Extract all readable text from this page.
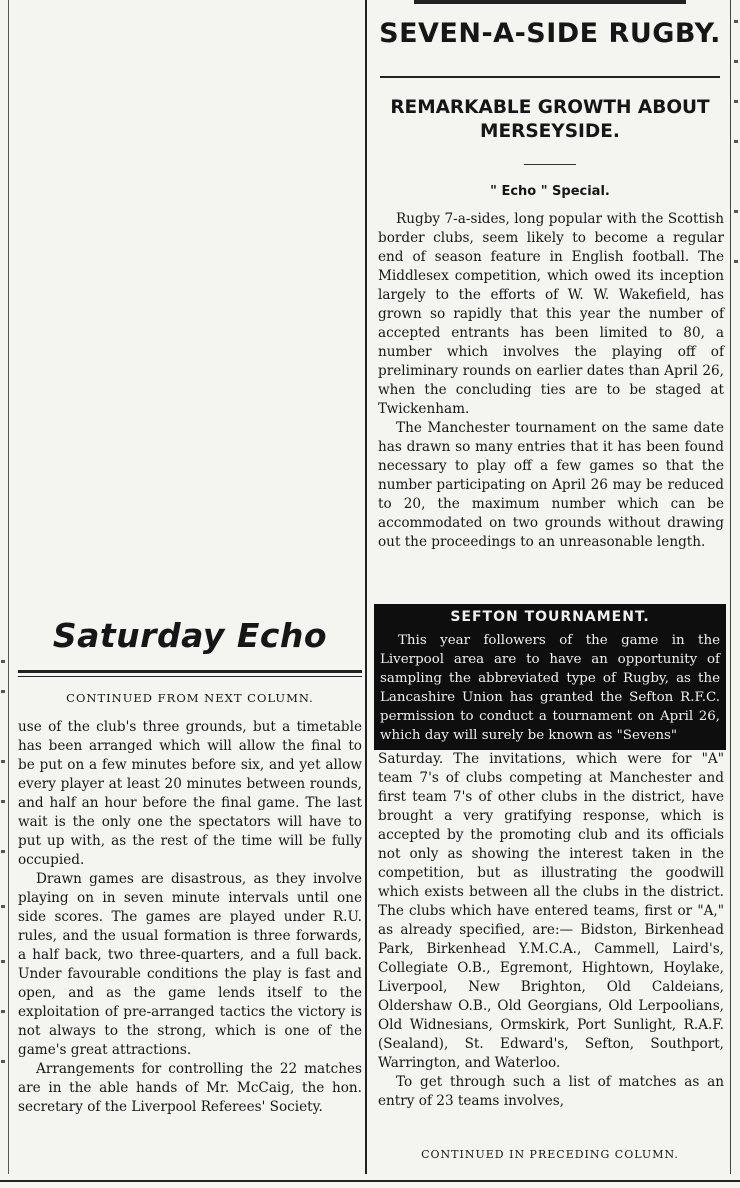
Saturday Echo
CONTINUED FROM NEXT COLUMN.

use of the club's three grounds, but a timetable has been arranged which will allow the final to be put on a few minutes before six, and yet allow every player at least 20 minutes between rounds, and half an hour before the final game. The last wait is the only one the spectators will have to put up with, as the rest of the time will be fully occupied.

Drawn games are disastrous, as they involve playing on in seven minute intervals until one side scores. The games are played under R.U. rules, and the usual formation is three forwards, a half back, two three-quarters, and a full back. Under favourable conditions the play is fast and open, and as the game lends itself to the exploitation of pre-arranged tactics the victory is not always to the strong, which is one of the game's great attractions.

Arrangements for controlling the 22 matches are in the able hands of Mr. McCaig, the hon. secretary of the Liverpool Referees' Society.

SEVEN-A-SIDE RUGBY.
REMARKABLE GROWTH ABOUT MERSEYSIDE.
" Echo " Special.

Rugby 7-a-sides, long popular with the Scottish border clubs, seem likely to become a regular end of season feature in English football. The Middlesex competition, which owed its inception largely to the efforts of W. W. Wakefield, has grown so rapidly that this year the number of accepted entrants has been limited to 80, a number which involves the playing off of preliminary rounds on earlier dates than April 26, when the concluding ties are to be staged at Twickenham.

The Manchester tournament on the same date has drawn so many entries that it has been found necessary to play off a few games so that the number participating on April 26 may be reduced to 20, the maximum number which can be accommodated on two grounds without drawing out the proceedings to an unreasonable length.

SEFTON TOURNAMENT.

This year followers of the game in the Liverpool area are to have an opportunity of sampling the abbreviated type of Rugby, as the Lancashire Union has granted the Sefton R.F.C. permission to conduct a tournament on April 26, which day will surely be known as "Sevens"

Saturday. The invitations, which were for "A" team 7's of clubs competing at Manchester and first team 7's of other clubs in the district, have brought a very gratifying response, which is accepted by the promoting club and its officials not only as showing the interest taken in the competition, but as illustrating the goodwill which exists between all the clubs in the district. The clubs which have entered teams, first or "A," as already specified, are:— Bidston, Birkenhead Park, Birkenhead Y.M.C.A., Cammell, Laird's, Collegiate O.B., Egremont, Hightown, Hoylake, Liverpool, New Brighton, Old Caldeians, Oldershaw O.B., Old Georgians, Old Lerpoolians, Old Widnesians, Ormskirk, Port Sunlight, R.A.F. (Sealand), St. Edward's, Sefton, Southport, Warrington, and Waterloo.

To get through such a list of matches as an entry of 23 teams involves,

CONTINUED IN PRECEDING COLUMN.
